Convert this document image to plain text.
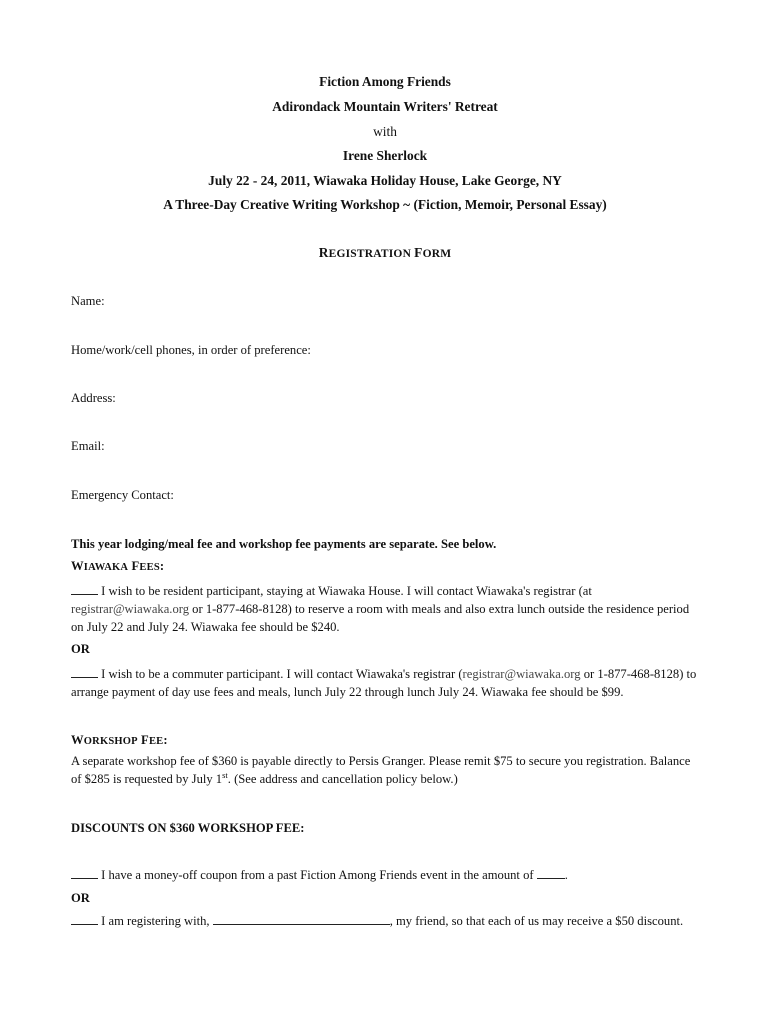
Fiction Among Friends
Adirondack Mountain Writers' Retreat
with
Irene Sherlock
July 22 - 24, 2011, Wiawaka Holiday House, Lake George, NY
A Three-Day Creative Writing Workshop ~ (Fiction, Memoir, Personal Essay)
REGISTRATION FORM
Name:
Home/work/cell phones, in order of preference:
Address:
Email:
Emergency Contact:
This year lodging/meal fee and workshop fee payments are separate. See below.
WIAWAKA FEES:
I wish to be resident participant, staying at Wiawaka House. I will contact Wiawaka's registrar (at
registrar@wiawaka.org or 1-877-468-8128) to reserve a room with meals and also extra lunch outside the residence period on July 22 and July 24. Wiawaka fee should be $240.
OR
I wish to be a commuter participant. I will contact Wiawaka's registrar (registrar@wiawaka.org or 1-877-468-8128) to arrange payment of day use fees and meals, lunch July 22 through lunch July 24. Wiawaka fee should be $99.
WORKSHOP FEE:
A separate workshop fee of $360 is payable directly to Persis Granger. Please remit $75 to secure you registration. Balance of $285 is requested by July 1st. (See address and cancellation policy below.)
DISCOUNTS ON $360 WORKSHOP FEE:
I have a money-off coupon from a past Fiction Among Friends event in the amount of .
OR
I am registering with,	, my friend, so that each of us may receive a $50 discount.
